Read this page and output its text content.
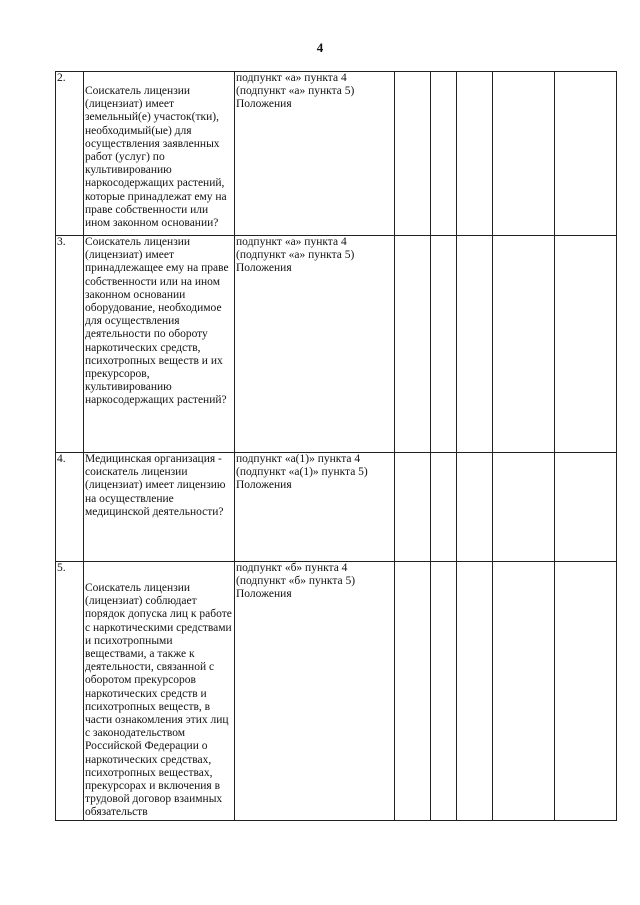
4
2.	Соискатель лицензии (лицензиат) имеет земельный(е) участок(тки), необходимый(ые) для осуществления заявленных работ (услуг) по культивированию наркосодержащих растений, которые принадлежат ему на праве собственности или ином законном основании?	подпункт «а» пункта 4 (подпункт «а» пункта 5) Положения					
3.	Соискатель лицензии (лицензиат) имеет принадлежащее ему на праве собственности или на ином законном основании оборудование, необходимое для осуществления деятельности по обороту наркотических средств, психотропных веществ и их прекурсоров, культивированию наркосодержащих растений?	подпункт «а» пункта 4 (подпункт «а» пункта 5) Положения					
4.	Медицинская организация - соискатель лицензии (лицензиат) имеет лицензию на осуществление медицинской деятельности?	подпункт «а(1)» пункта 4 (подпункт «а(1)» пункта 5) Положения					
5.	Соискатель лицензии (лицензиат) соблюдает порядок допуска лиц к работе с наркотическими средствами и психотропными веществами, а также к деятельности, связанной с оборотом прекурсоров наркотических средств и психотропных веществ, в части ознакомления этих лиц с законодательством Российской Федерации о наркотических средствах, психотропных веществах, прекурсорах и включения в трудовой договор взаимных обязательств	подпункт «б» пункта 4 (подпункт «б» пункта 5) Положения					
